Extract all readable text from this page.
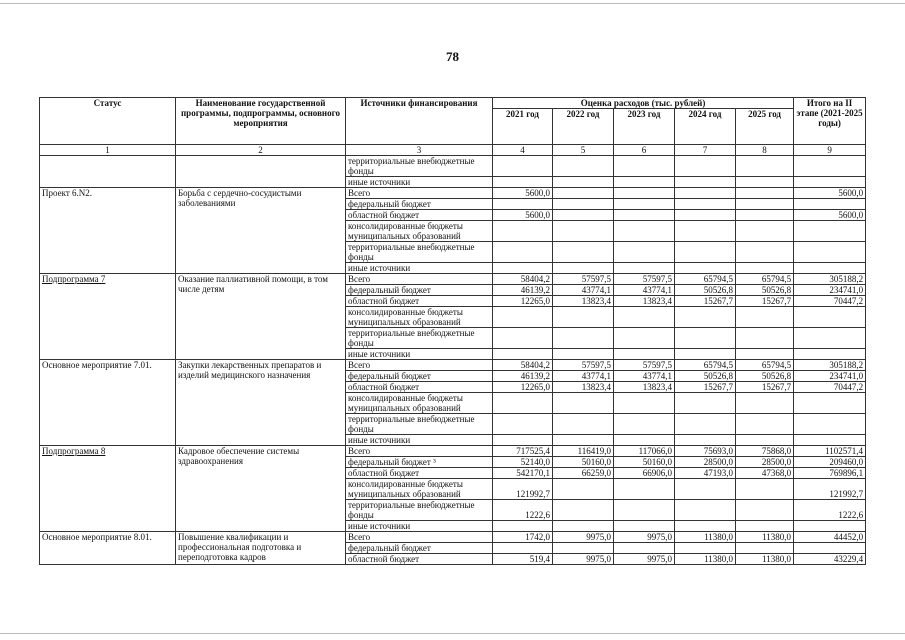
78
Статус	Наименование государственной программы, подпрограммы, основного мероприятия	Источники финансирования	Оценка расходов (тыс. рублей)					Итого на II этапе (2021-2025 годы)
			2021 год	2022 год	2023 год	2024 год	2025 год	
1	2	3	4	5	6	7	8	9
		территориальные внебюджетные фонды						
		иные источники						
Проект 6.N2.	Борьба с сердечно-сосудистыми заболеваниями	Всего	5600,0					5600,0
		федеральный бюджет						
		областной бюджет	5600,0					5600,0
		консолидированные бюджеты муниципальных образований						
		территориальные внебюджетные фонды						
		иные источники						
Подпрограмма 7	Оказание паллиативной помощи, в том числе детям	Всего	58404,2	57597,5	57597,5	65794,5	65794,5	305188,2
		федеральный бюджет	46139,2	43774,1	43774,1	50526,8	50526,8	234741,0
		областной бюджет	12265,0	13823,4	13823,4	15267,7	15267,7	70447,2
		консолидированные бюджеты муниципальных образований						
		территориальные внебюджетные фонды						
		иные источники						
Основное мероприятие 7.01.	Закупки лекарственных препаратов и изделий медицинского назначения	Всего	58404,2	57597,5	57597,5	65794,5	65794,5	305188,2
		федеральный бюджет	46139,2	43774,1	43774,1	50526,8	50526,8	234741,0
		областной бюджет	12265,0	13823,4	13823,4	15267,7	15267,7	70447,2
		консолидированные бюджеты муниципальных образований						
		территориальные внебюджетные фонды						
		иные источники						
Подпрограмма 8	Кадровое обеспечение системы здравоохранения	Всего	717525,4	116419,0	117066,0	75693,0	75868,0	1102571,4
		федеральный бюджет ³	52140,0	50160,0	50160,0	28500,0	28500,0	209460,0
		областной бюджет	542170,1	66259,0	66906,0	47193,0	47368,0	769896,1
		консолидированные бюджеты муниципальных образований	121992,7					121992,7
		территориальные внебюджетные фонды	1222,6					1222,6
		иные источники						
Основное мероприятие 8.01.	Повышение квалификации и профессиональная подготовка и переподготовка кадров	Всего	1742,0	9975,0	9975,0	11380,0	11380,0	44452,0
		федеральный бюджет						
		областной бюджет	519,4	9975,0	9975,0	11380,0	11380,0	43229,4
